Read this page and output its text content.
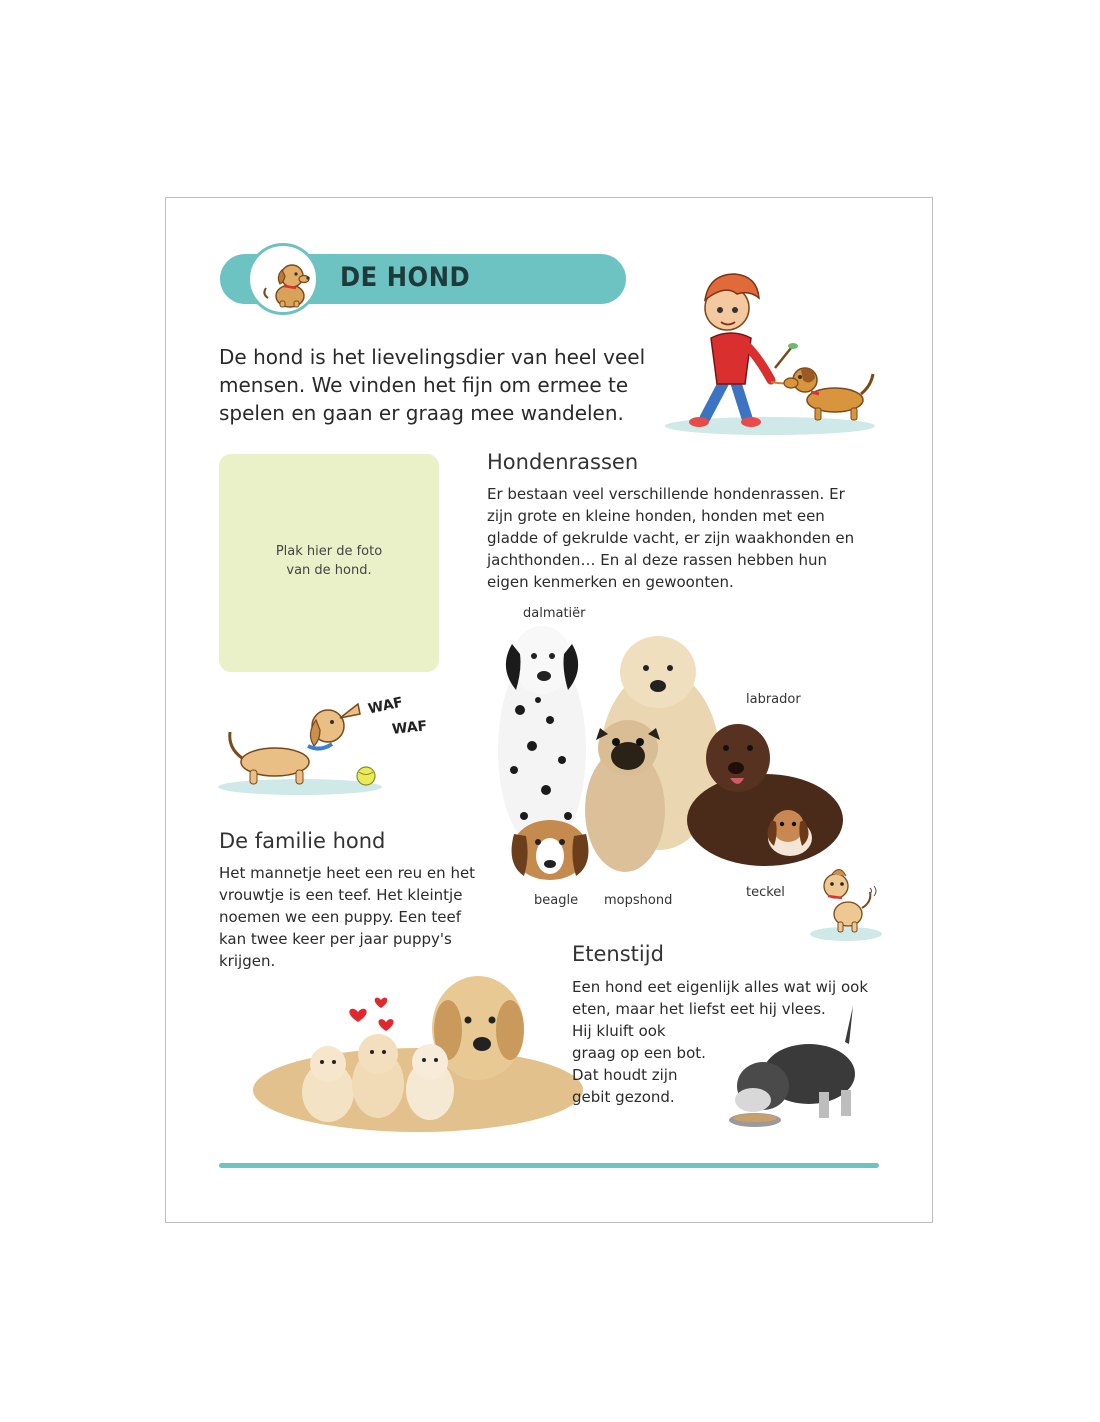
DE HOND
De hond is het lievelingsdier van heel veel mensen. We vinden het fijn om ermee te spelen en gaan er graag mee wandelen.
Plak hier de foto
van de hond.
WAF
WAF
Hondenrassen
Er bestaan veel verschillende hondenrassen. Er zijn grote en kleine honden, honden met een gladde of gekrulde vacht, er zijn waakhonden en jachthonden… En al deze rassen hebben hun eigen kenmerken en gewoonten.
dalmatiër
labrador
beagle mopshond
teckel
De familie hond
Het mannetje heet een reu en het vrouwtje is een teef. Het kleintje noemen we een puppy. Een teef kan twee keer per jaar puppy's krijgen.	Etenstijd
Een hond eet eigenlijk alles wat wij ook eten, maar het liefst eet hij vlees.
Hij kluift ook graag op een bot. Dat houdt zijn gebit gezond.
